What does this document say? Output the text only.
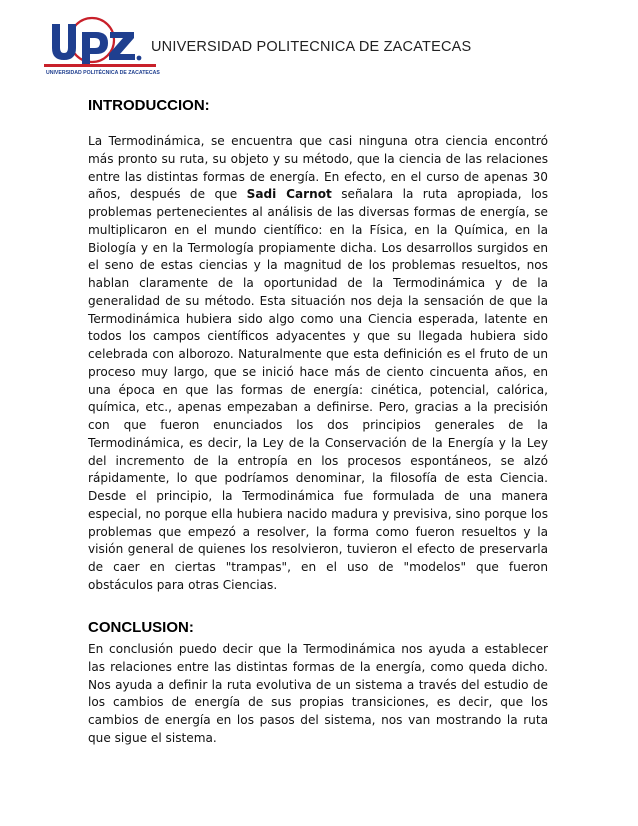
UNIVERSIDAD POLITÉCNICA DE ZACATECAS
UNIVERSIDAD POLITECNICA DE ZACATECAS
INTRODUCCION:

La Termodinámica, se encuentra que casi ninguna otra ciencia encontró más pronto su ruta, su objeto y su método, que la ciencia de las relaciones entre las distintas formas de energía. En efecto, en el curso de apenas 30 años, después de que Sadi Carnot señalara la ruta apropiada, los problemas pertenecientes al análisis de las diversas formas de energía, se multiplicaron en el mundo científico: en la Física, en la Química, en la Biología y en la Termología propiamente dicha. Los desarrollos surgidos en el seno de estas ciencias y la magnitud de los problemas resueltos, nos hablan claramente de la oportunidad de la Termodinámica y de la generalidad de su método. Esta situación nos deja la sensación de que la Termodinámica hubiera sido algo como una Ciencia esperada, latente en todos los campos científicos adyacentes y que su llegada hubiera sido celebrada con alborozo. Naturalmente que esta definición es el fruto de un proceso muy largo, que se inició hace más de ciento cincuenta años, en una época en que las formas de energía: cinética, potencial, calórica, química, etc., apenas empezaban a definirse. Pero, gracias a la precisión con que fueron enunciados los dos principios generales de la Termodinámica, es decir, la Ley de la Conservación de la Energía y la Ley del incremento de la entropía en los procesos espontáneos, se alzó rápidamente, lo que podríamos denominar, la filosofía de esta Ciencia. Desde el principio, la Termodinámica fue formulada de una manera especial, no porque ella hubiera nacido madura y previsiva, sino porque los problemas que empezó a resolver, la forma como fueron resueltos y la visión general de quienes los resolvieron, tuvieron el efecto de preservarla de caer en ciertas "trampas", en el uso de "modelos" que fueron obstáculos para otras Ciencias.

CONCLUSION:

En conclusión puedo decir que la Termodinámica nos ayuda a establecer las relaciones entre las distintas formas de la energía, como queda dicho. Nos ayuda a definir la ruta evolutiva de un sistema a través del estudio de los cambios de energía de sus propias transiciones, es decir, que los cambios de energía en los pasos del sistema, nos van mostrando la ruta que sigue el sistema.
